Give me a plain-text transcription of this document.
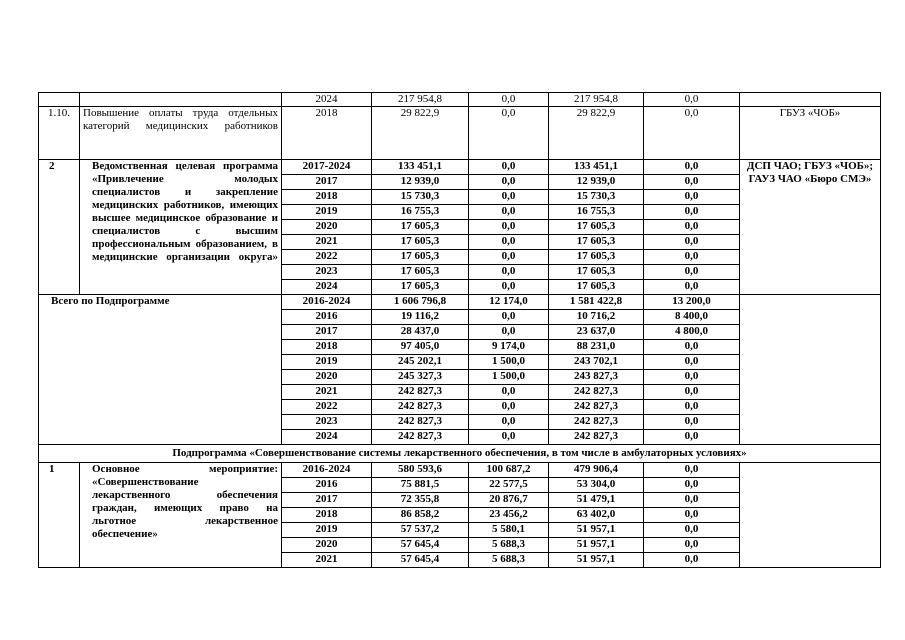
		2024	217 954,8	0,0	217 954,8	0,0	
1.10.	Повышение оплаты труда отдельных категорий медицинских работников	2018	29 822,9	0,0	29 822,9	0,0	ГБУЗ «ЧОБ»
2	Ведомственная целевая программа «Привлечение молодых специалистов и закрепление медицинских работников, имеющих высшее медицинское образование и специалистов с высшим профессиональным образованием, в медицинские организации округа»	2017-2024	133 451,1	0,0	133 451,1	0,0	ДСП ЧАО; ГБУЗ «ЧОБ»; ГАУЗ ЧАО «Бюро СМЭ»
		2017	12 939,0	0,0	12 939,0	0,0	
		2018	15 730,3	0,0	15 730,3	0,0	
		2019	16 755,3	0,0	16 755,3	0,0	
		2020	17 605,3	0,0	17 605,3	0,0	
		2021	17 605,3	0,0	17 605,3	0,0	
		2022	17 605,3	0,0	17 605,3	0,0	
		2023	17 605,3	0,0	17 605,3	0,0	
		2024	17 605,3	0,0	17 605,3	0,0	
Всего по Подпрограмме		2016-2024	1 606 796,8	12 174,0	1 581 422,8	13 200,0	
		2016	19 116,2	0,0	10 716,2	8 400,0	
		2017	28 437,0	0,0	23 637,0	4 800,0	
		2018	97 405,0	9 174,0	88 231,0	0,0	
		2019	245 202,1	1 500,0	243 702,1	0,0	
		2020	245 327,3	1 500,0	243 827,3	0,0	
		2021	242 827,3	0,0	242 827,3	0,0	
		2022	242 827,3	0,0	242 827,3	0,0	
		2023	242 827,3	0,0	242 827,3	0,0	
		2024	242 827,3	0,0	242 827,3	0,0	
Подпрограмма «Совершенствование системы лекарственного обеспечения, в том числе в амбулаторных условиях»							
1	Основное мероприятие: «Совершенствование лекарственного обеспечения граждан, имеющих право на льготное лекарственное обеспечение»	2016-2024	580 593,6	100 687,2	479 906,4	0,0	
		2016	75 881,5	22 577,5	53 304,0	0,0	
		2017	72 355,8	20 876,7	51 479,1	0,0	
		2018	86 858,2	23 456,2	63 402,0	0,0	
		2019	57 537,2	5 580,1	51 957,1	0,0	
		2020	57 645,4	5 688,3	51 957,1	0,0	
		2021	57 645,4	5 688,3	51 957,1	0,0	
